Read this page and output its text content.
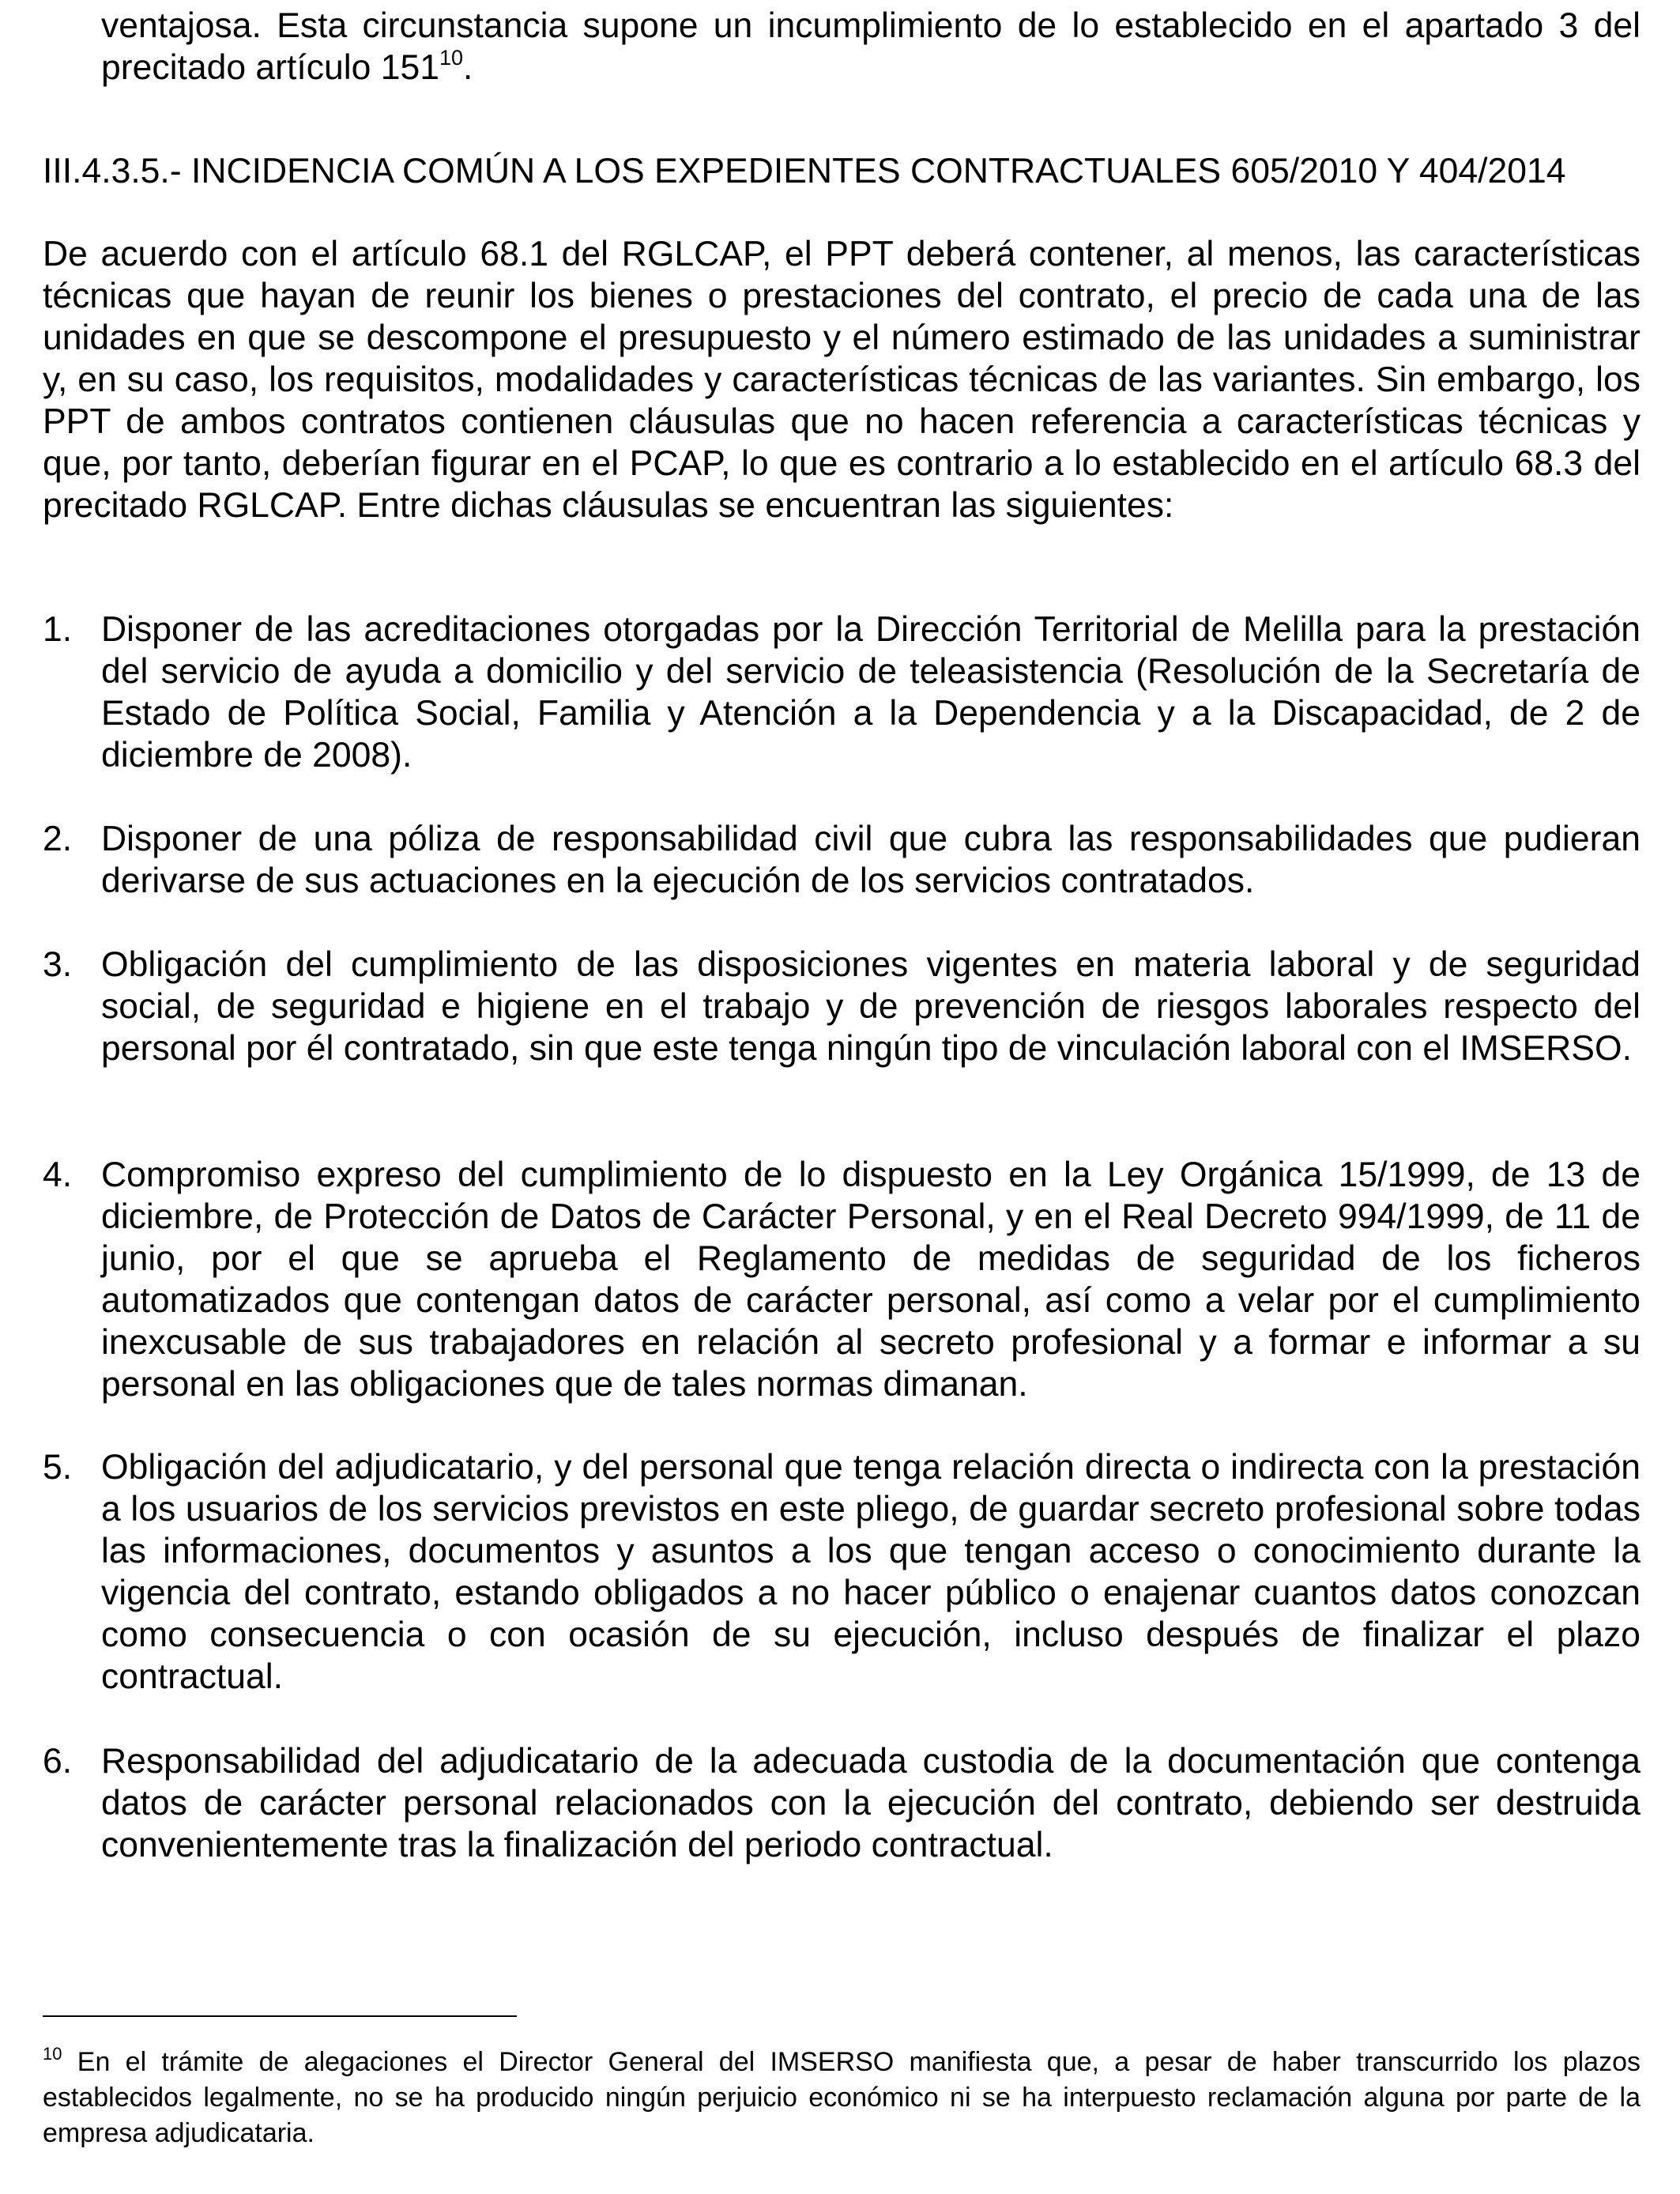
ventajosa. Esta circunstancia supone un incumplimiento de lo establecido en el apartado 3 del precitado artículo $151^{10}$.

III.4.3.5.- INCIDENCIA COMÚN A LOS EXPEDIENTES CONTRACTUALES 605/2010 Y 404/2014

De acuerdo con el artículo 68.1 del RGLCAP, el PPT deberá contener, al menos, las características técnicas que hayan de reunir los bienes o prestaciones del contrato, el precio de cada una de las unidades en que se descompone el presupuesto y el número estimado de las unidades a suministrar y, en su caso, los requisitos, modalidades y características técnicas de las variantes. Sin embargo, los PPT de ambos contratos contienen cláusulas que no hacen referencia a características técnicas y que, por tanto, deberían figurar en el PCAP, lo que es contrario a lo establecido en el artículo 68.3 del precitado RGLCAP. Entre dichas cláusulas se encuentran las siguientes:

1. Disponer de las acreditaciones otorgadas por la Dirección Territorial de Melilla para la prestación del servicio de ayuda a domicilio y del servicio de teleasistencia (Resolución de la Secretaría de Estado de Política Social, Familia y Atención a la Dependencia y a la Discapacidad, de 2 de diciembre de 2008).

2. Disponer de una póliza de responsabilidad civil que cubra las responsabilidades que pudieran derivarse de sus actuaciones en la ejecución de los servicios contratados.

3. Obligación del cumplimiento de las disposiciones vigentes en materia laboral y de seguridad social, de seguridad e higiene en el trabajo y de prevención de riesgos laborales respecto del personal por él contratado, sin que este tenga ningún tipo de vinculación laboral con el IMSERSO.

4. Compromiso expreso del cumplimiento de lo dispuesto en la Ley Orgánica 15/1999, de 13 de diciembre, de Protección de Datos de Carácter Personal, y en el Real Decreto 994/1999, de 11 de junio, por el que se aprueba el Reglamento de medidas de seguridad de los ficheros automatizados que contengan datos de carácter personal, así como a velar por el cumplimiento inexcusable de sus trabajadores en relación al secreto profesional y a formar e informar a su personal en las obligaciones que de tales normas dimanan.

5. Obligación del adjudicatario, y del personal que tenga relación directa o indirecta con la prestación a los usuarios de los servicios previstos en este pliego, de guardar secreto profesional sobre todas las informaciones, documentos y asuntos a los que tengan acceso o conocimiento durante la vigencia del contrato, estando obligados a no hacer público o enajenar cuantos datos conozcan como consecuencia o con ocasión de su ejecución, incluso después de finalizar el plazo contractual.

6. Responsabilidad del adjudicatario de la adecuada custodia de la documentación que contenga datos de carácter personal relacionados con la ejecución del contrato, debiendo ser destruida convenientemente tras la finalización del periodo contractual.

$^{10}$ En el trámite de alegaciones el Director General del IMSERSO manifiesta que, a pesar de haber transcurrido los plazos establecidos legalmente, no se ha producido ningún perjuicio económico ni se ha interpuesto reclamación alguna por parte de la empresa adjudicataria.
